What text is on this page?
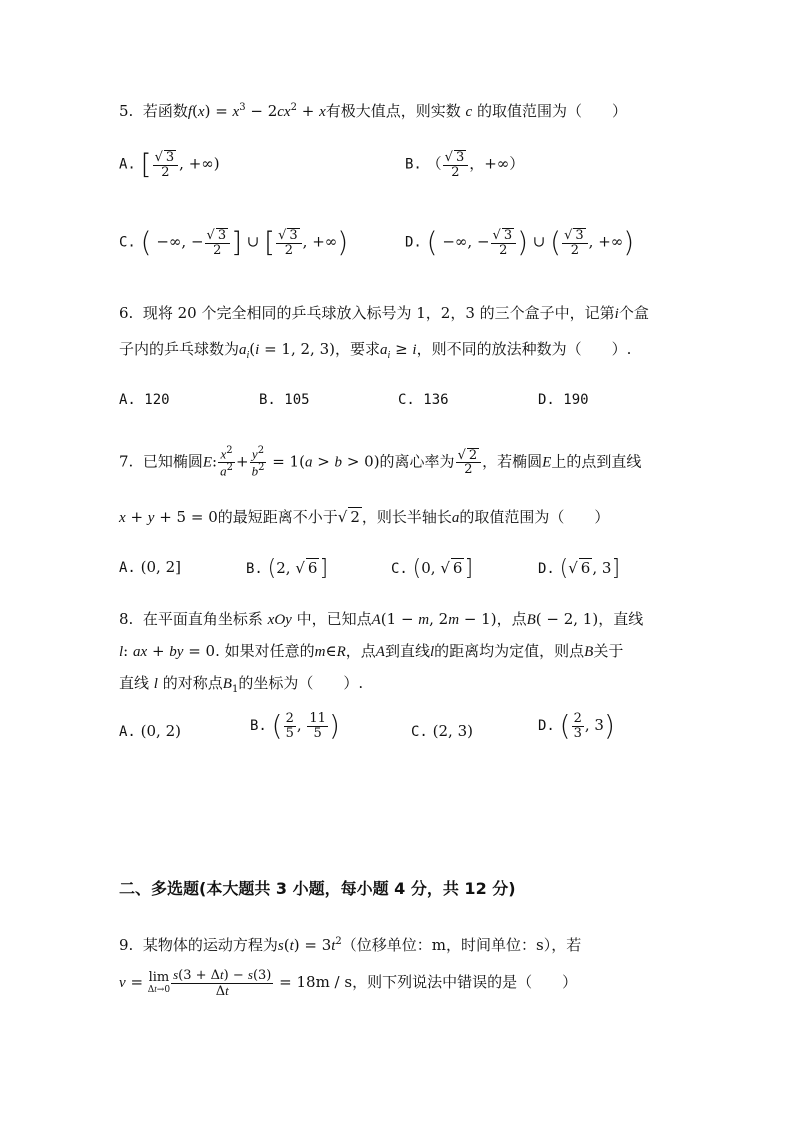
5. 若函数$f(x) = x^3 - 2cx^2 + x$有极大值点，则实数 c 的取值范围为（　　）
A. [ √ $\frac{3}{2}$ , +∞)	B. （ √ $\frac{3}{2}$ ，+∞）
C. ( −∞, − √ $\frac{3}{2}$ ] ∪ [ √ $\frac{3}{2}$ , +∞)	D. ( −∞, − √ $\frac{3}{2}$ ) ∪ ( √ $\frac{3}{2}$ , +∞)
6. 现将 20 个完全相同的乒乓球放入标号为 1，2，3 的三个盒子中，记第i个盒
子内的乒乓球数为$a_i(i = 1$, 2, 3)，要求$a_i \ge i$，则不同的放法种数为（　　）.
A. 120	B. 105	C. 136	D. 190
7. 已知椭圆E: $\frac{x^2}{a^2} + \frac{y^2}{b^2} = 1(a > b > 0)$的离心率为 √ $\frac{2}{2}$ ，若椭圆E上的点到直线
x + y + 5 = 0的最短距离不小于 √ 2 ，则长半轴长a的取值范围为（　　）
A. (0, 2]	B. (2, √ 6]	C. (0, √ 6]	D. ( √ 6 , 3]
8. 在平面直角坐标系 xOy 中，已知点A(1 − m, 2m − 1)，点B( − 2, 1)，直线
l: ax + by = 0. 如果对任意的m∈R，点A到直线l的距离均为定值，则点B关于
直线 l 的对称点$B_1$的坐标为（　　）.
A. (0, 2)	B. ( $\frac{2}{5}$ , $\frac{11}{5}$ )	C. (2, 3)	D. ( $\frac{2}{3}$ , 3)
二、多选题(本大题共 3 小题，每小题 4 分，共 12 分)
9. 某物体的运动方程为$s(t) = 3t^2$（位移单位：m，时间单位：s），若
v = lim
$\Delta t\to 0 \frac{s(3 + \Delta t) - s(3)}{\Delta t} = 18m / s$，则下列说法中错误的是（　　）
